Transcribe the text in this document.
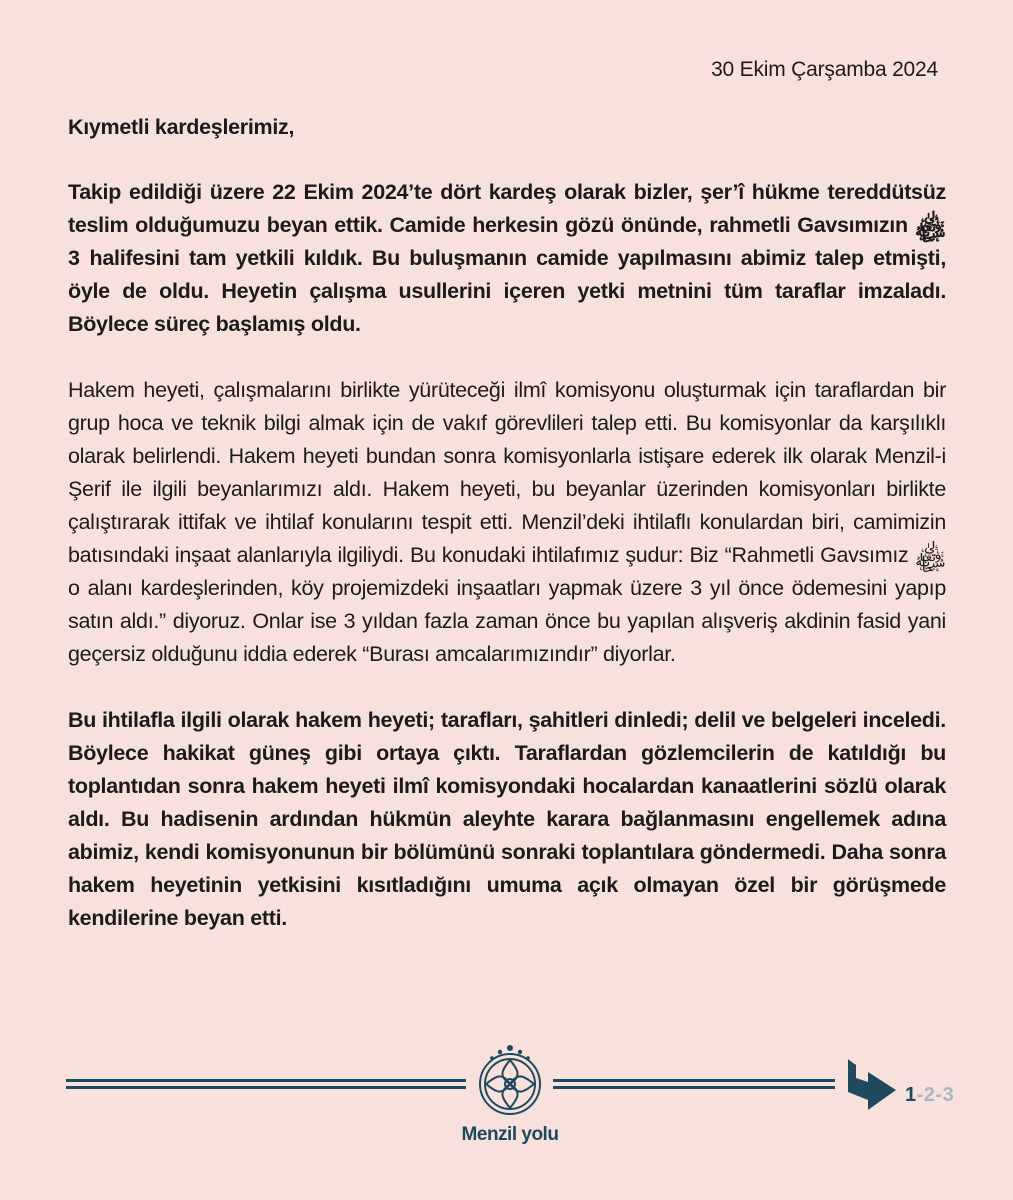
30 Ekim Çarşamba 2024

Kıymetli kardeşlerimiz,

Takip edildiği üzere 22 Ekim 2024’te dört kardeş olarak bizler, şer’î hükme tereddütsüz teslim olduğumuzu beyan ettik. Camide herkesin gözü önünde, rahmetli Gavsımızın ﷾ 3 halifesini tam yetkili kıldık. Bu buluşmanın camide yapılmasını abimiz talep etmişti, öyle de oldu. Heyetin çalışma usullerini içeren yetki metnini tüm taraflar imzaladı. Böylece süreç başlamış oldu.

Hakem heyeti, çalışmalarını birlikte yürüteceği ilmî komisyonu oluşturmak için taraflardan bir grup hoca ve teknik bilgi almak için de vakıf görevlileri talep etti. Bu komisyonlar da karşılıklı olarak belirlendi. Hakem heyeti bundan sonra komisyonlarla istişare ederek ilk olarak Menzil-i Şerif ile ilgili beyanlarımızı aldı. Hakem heyeti, bu beyanlar üzerinden komisyonları birlikte çalıştırarak ittifak ve ihtilaf konularını tespit etti. Menzil’deki ihtilaflı konulardan biri, camimizin batısındaki inşaat alanlarıyla ilgiliydi. Bu konudaki ihtilafımız şudur: Biz “Rahmetli Gavsımız ﷾ o alanı kardeşlerinden, köy projemizdeki inşaatları yapmak üzere 3 yıl önce ödemesini yapıp satın aldı.” diyoruz. Onlar ise 3 yıldan fazla zaman önce bu yapılan alışveriş akdinin fasid yani geçersiz olduğunu iddia ederek “Burası amcalarımızındır” diyorlar.

Bu ihtilafla ilgili olarak hakem heyeti; tarafları, şahitleri dinledi; delil ve belgeleri inceledi. Böylece hakikat güneş gibi ortaya çıktı. Taraflardan gözlemcilerin de katıldığı bu toplantıdan sonra hakem heyeti ilmî komisyondaki hocalardan kanaatlerini sözlü olarak aldı. Bu hadisenin ardından hükmün aleyhte karara bağlanmasını engellemek adına abimiz, kendi komisyonunun bir bölümünü sonraki toplantılara göndermedi. Daha sonra hakem heyetinin yetkisini kısıtladığını umuma açık olmayan özel bir görüşmede kendilerine beyan etti.

Menzil yolu
1-2-3
